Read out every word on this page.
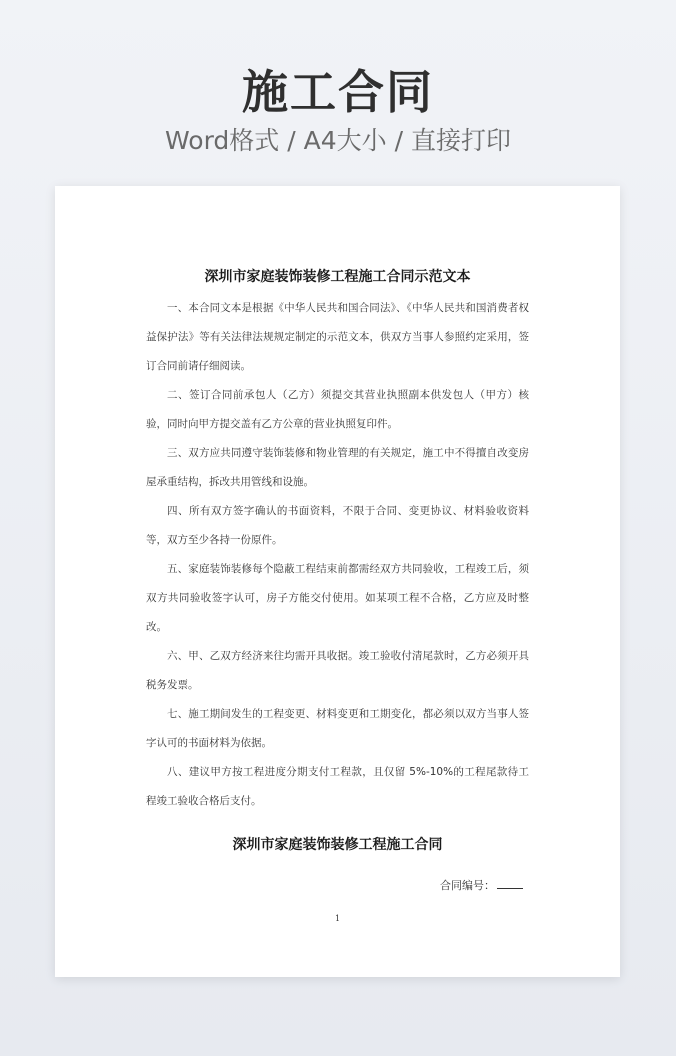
施工合同
Word格式 / A4大小 / 直接打印
深圳市家庭装饰装修工程施工合同示范文本

一、本合同文本是根据《中华人民共和国合同法》、《中华人民共和国消费者权益保护法》等有关法律法规规定制定的示范文本，供双方当事人参照约定采用，签订合同前请仔细阅读。

二、签订合同前承包人（乙方）须提交其营业执照副本供发包人（甲方）核验，同时向甲方提交盖有乙方公章的营业执照复印件。

三、双方应共同遵守装饰装修和物业管理的有关规定，施工中不得擅自改变房屋承重结构，拆改共用管线和设施。

四、所有双方签字确认的书面资料，不限于合同、变更协议、材料验收资料等，双方至少各持一份原件。

五、家庭装饰装修每个隐蔽工程结束前都需经双方共同验收，工程竣工后，须双方共同验收签字认可，房子方能交付使用。如某项工程不合格，乙方应及时整改。

六、甲、乙双方经济来往均需开具收据。竣工验收付清尾款时，乙方必须开具税务发票。

七、施工期间发生的工程变更、材料变更和工期变化，都必须以双方当事人签字认可的书面材料为依据。

八、建议甲方按工程进度分期支付工程款，且仅留 5%-10%的工程尾款待工程竣工验收合格后支付。

深圳市家庭装饰装修工程施工合同
合同编号：
1
